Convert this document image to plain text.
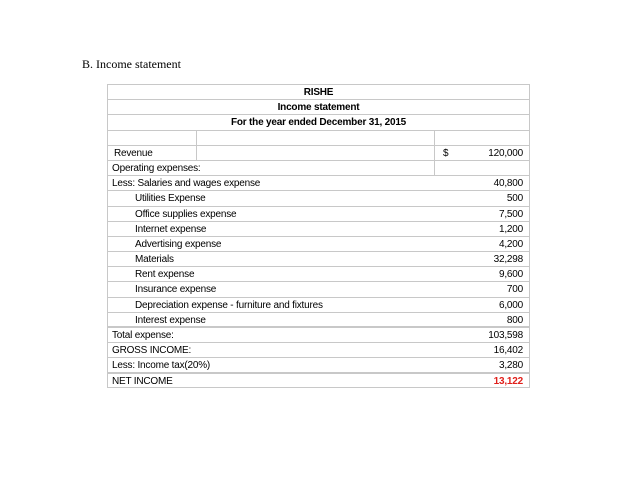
B. Income statement
RISHE
Income statement
For the year ended December 31, 2015
Revenue	$	120,000
Operating expenses:
Less: Salaries and wages expense	40,800
Utilities Expense	500
Office supplies expense	7,500
Internet expense	1,200
Advertising expense	4,200
Materials	32,298
Rent expense	9,600
Insurance expense	700
Depreciation expense - furniture and fixtures	6,000
Interest expense	800
Total expense:	103,598
GROSS INCOME:	16,402
Less: Income tax(20%)	3,280
NET INCOME	13,122
